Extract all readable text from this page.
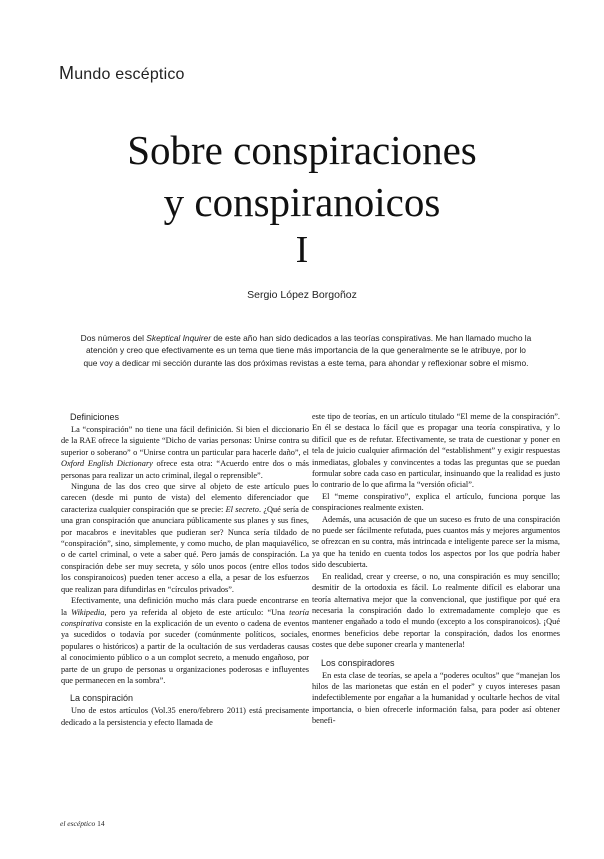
Mundo escéptico
Sobre conspiraciones
y conspiranoicos
I
Sergio López Borgoñoz
Dos números del Skeptical Inquirer de este año han sido dedicados a las teorías conspirativas. Me han llamado mucho la atención y creo que efectivamente es un tema que tiene más importancia de la que generalmente se le atribuye, por lo que voy a dedicar mi sección durante las dos próximas revistas a este tema, para ahondar y reflexionar sobre el mismo.
Definiciones

La “conspiración” no tiene una fácil definición. Si bien el diccionario de la RAE ofrece la siguiente “Dicho de varias personas: Unirse contra su superior o soberano” o “Unirse contra un particular para hacerle daño”, el Oxford English Dictionary ofrece esta otra: “Acuerdo entre dos o más personas para realizar un acto criminal, ilegal o reprensible”.

Ninguna de las dos creo que sirve al objeto de este artículo pues carecen (desde mi punto de vista) del elemento diferenciador que caracteriza cualquier conspiración que se precie: El secreto. ¿Qué sería de una gran conspiración que anunciara públicamente sus planes y sus fines, por macabros e inevitables que pudieran ser? Nunca sería tildado de “conspiración”, sino, simplemente, y como mucho, de plan maquiavélico, o de cartel criminal, o vete a saber qué. Pero jamás de conspiración. La conspiración debe ser muy secreta, y sólo unos pocos (entre ellos todos los conspiranoicos) pueden tener acceso a ella, a pesar de los esfuerzos que realizan para difundirlas en “círculos privados”.

Efectivamente, una definición mucho más clara puede encontrarse en la Wikipedia, pero ya referida al objeto de este artículo: “Una teoría conspirativa consiste en la explicación de un evento o cadena de eventos ya sucedidos o todavía por suceder (comúnmente políticos, sociales, populares o históricos) a partir de la ocultación de sus verdaderas causas al conocimiento público o a un complot secreto, a menudo engañoso, por parte de un grupo de personas u organizaciones poderosas e influyentes que permanecen en la sombra”.

La conspiración

Uno de estos artículos (Vol.35 enero/febrero 2011) está precisamente dedicado a la persistencia y efecto llamada de

este tipo de teorías, en un artículo titulado “El meme de la conspiración”. En él se destaca lo fácil que es propagar una teoría conspirativa, y lo difícil que es de refutar. Efectivamente, se trata de cuestionar y poner en tela de juicio cualquier afirmación del “establishment” y exigir respuestas inmediatas, globales y convincentes a todas las preguntas que se puedan formular sobre cada caso en particular, insinuando que la realidad es justo lo contrario de lo que afirma la “versión oficial”.

El “meme conspirativo”, explica el artículo, funciona porque las conspiraciones realmente existen.

Además, una acusación de que un suceso es fruto de una conspiración no puede ser fácilmente refutada, pues cuantos más y mejores argumentos se ofrezcan en su contra, más intrincada e inteligente parece ser la misma, ya que ha tenido en cuenta todos los aspectos por los que podría haber sido descubierta.

En realidad, crear y creerse, o no, una conspiración es muy sencillo; desmitir de la ortodoxia es fácil. Lo realmente difícil es elaborar una teoría alternativa mejor que la convencional, que justifique por qué era necesaria la conspiración dado lo extremadamente complejo que es mantener engañado a todo el mundo (excepto a los conspiranoicos). ¡Qué enormes beneficios debe reportar la conspiración, dados los enormes costes que debe suponer crearla y mantenerla!

Los conspiradores

En esta clase de teorías, se apela a “poderes ocultos” que “manejan los hilos de las marionetas que están en el poder” y cuyos intereses pasan indefectiblemente por engañar a la humanidad y ocultarle hechos de vital importancia, o bien ofrecerle información falsa, para poder así obtener benefi-

el escéptico 14
